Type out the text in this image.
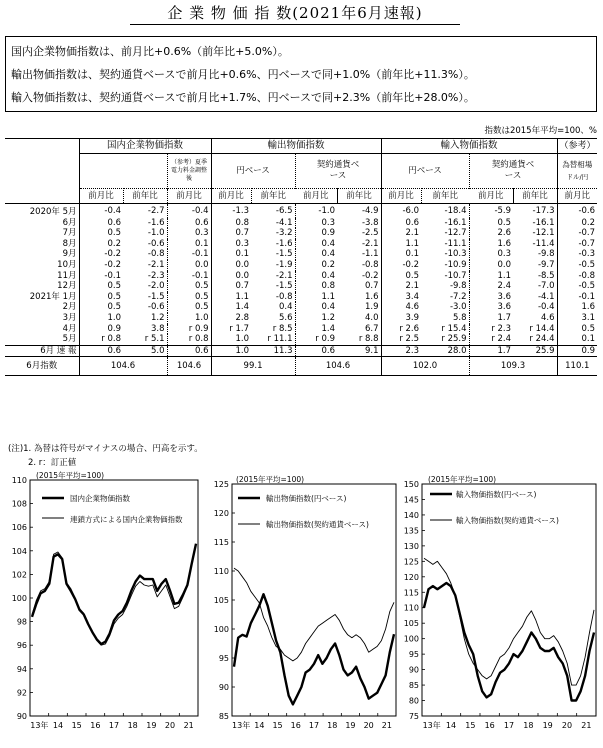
企 業 物 価 指 数(2021年6月速報)
国内企業物価指数は、前月比+0.6%（前年比+5.0%）。
輸出物価指数は、契約通貨ベースで前月比+0.6%、円ベースで同+1.0%（前年比+11.3%）。
輸入物価指数は、契約通貨ベースで前月比+1.7%、円ベースで同+2.3%（前年比+28.0%）。
指数は2015年平均=100、%
	国内企業物価指数			輸出物価指数				輸入物価指数				（参考）
			（参考）夏季電力料金調整後	円ベース		契約通貨ベース		円ベース		契約通貨ベース		為替相場
ドル/円

	前月比	前年比	前月比	前月比	前年比	前月比	前年比	前月比	前年比	前月比	前年比	前月比
2020年 5月	-0.4	-2.7	-0.4	-1.3	-6.5	-1.0	-4.9	-6.0	-18.4	-5.9	-17.3	-0.6
6月	0.6	-1.6	0.6	0.8	-4.1	0.3	-3.8	0.6	-16.1	0.5	-16.1	0.2
7月	0.5	-1.0	0.3	0.7	-3.2	0.9	-2.5	2.1	-12.7	2.6	-12.1	-0.7
8月	0.2	-0.6	0.1	0.3	-1.6	0.4	-2.1	1.1	-11.1	1.6	-11.4	-0.7
9月	-0.2	-0.8	-0.1	0.1	-1.5	0.4	-1.1	0.1	-10.3	0.3	-9.8	-0.3
10月	-0.2	-2.1	0.0	0.0	-1.9	0.2	-0.8	-0.2	-10.9	0.0	-9.7	-0.5
11月	-0.1	-2.3	-0.1	0.0	-2.1	0.4	-0.2	0.5	-10.7	1.1	-8.5	-0.8
12月	0.5	-2.0	0.5	0.7	-1.5	0.8	0.7	2.1	-9.8	2.4	-7.0	-0.5
2021年 1月	0.5	-1.5	0.5	1.1	-0.8	1.1	1.6	3.4	-7.2	3.6	-4.1	-0.1
2月	0.5	-0.6	0.5	1.4	0.4	0.4	1.9	4.6	-3.0	3.6	-0.4	1.6
3月	1.0	1.2	1.0	2.8	5.6	1.2	4.0	3.9	5.8	1.7	4.6	3.1
4月	0.9	3.8	r 0.9	r 1.7	r 8.5	1.4	6.7	r 2.6	r 15.4	r 2.3	r 14.4	0.5
5月	r 0.8	r 5.1	r 0.8	1.0	r 11.1	r 0.9	r 8.8	r 2.5	r 25.9	r 2.4	r 24.4	0.1
6月 速 報	0.6	5.0	0.6	1.0	11.3	0.6	9.1	2.3	28.0	1.7	25.9	0.9
6月指数	104.6		104.6	99.1		104.6		102.0		109.3		110.1
(注)1. 為替は符号がマイナスの場合、円高を示す。
2. r：訂正値
90
92
94
96
98
100
102
104
106
108
110
13年 14 15 16 17 18 19 20 21
(2015年平均=100)
国内企業物価指数
連鎖方式による国内企業物価指数
85
90
95
100
105
110
115
120
125
13年 14 15 16 17 18 19 20 21
(2015年平均=100)
輸出物価指数(円ベース)
輸出物価指数(契約通貨ベース)
75
80
85
90
95
100
105
110
115
120
125
130
135
140
145
150
13年 14 15 16 17 18 19 20 21
(2015年平均=100)
輸入物価指数(円ベース)
輸入物価指数(契約通貨ベース)
